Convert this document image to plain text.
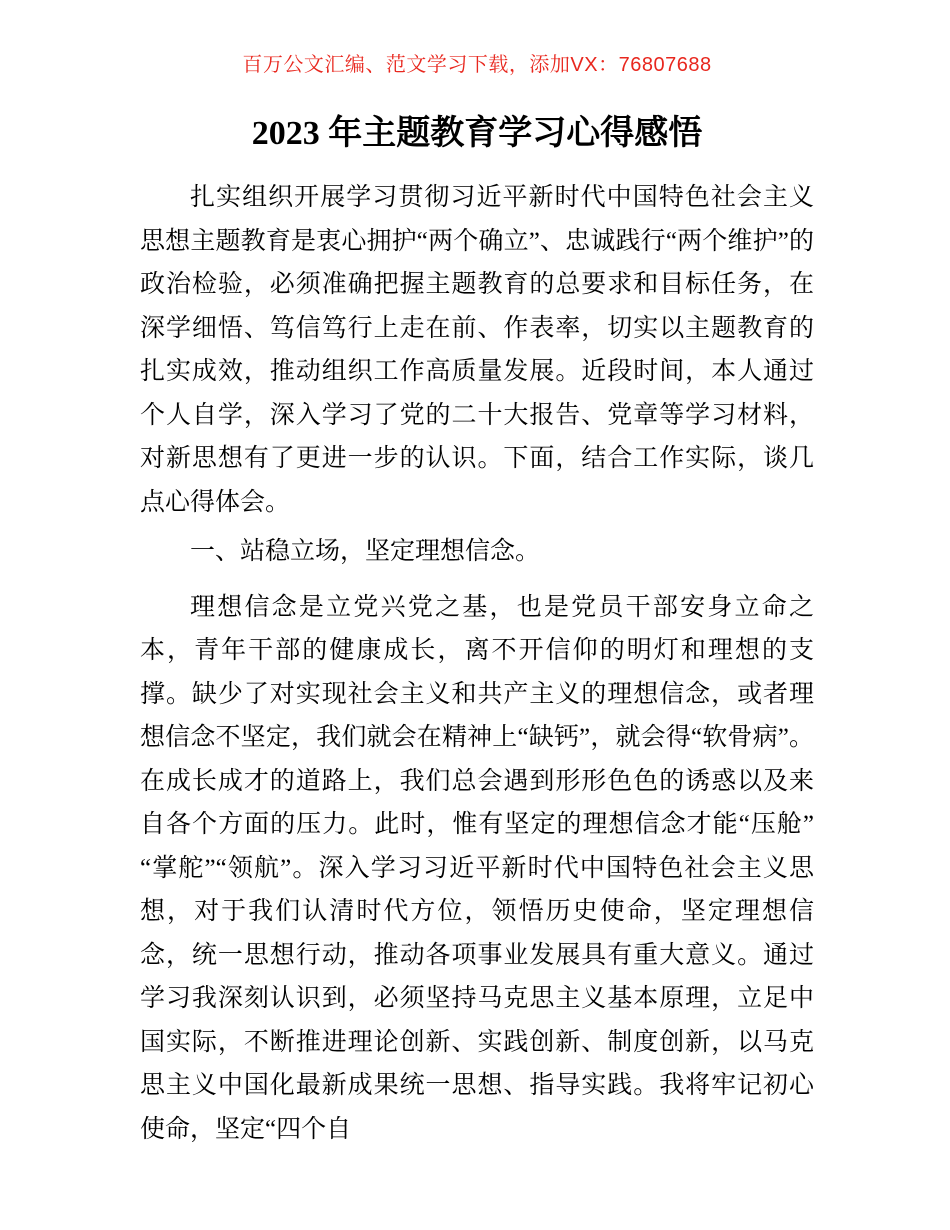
百万公文汇编、范文学习下载，添加VX：76807688
2023 年主题教育学习心得感悟

扎实组织开展学习贯彻习近平新时代中国特色社会主义思想主题教育是衷心拥护“两个确立”、忠诚践行“两个维护”的政治检验，必须准确把握主题教育的总要求和目标任务，在深学细悟、笃信笃行上走在前、作表率，切实以主题教育的扎实成效，推动组织工作高质量发展。近段时间，本人通过个人自学，深入学习了党的二十大报告、党章等学习材料，对新思想有了更进一步的认识。下面，结合工作实际，谈几点心得体会。

一、站稳立场，坚定理想信念。

理想信念是立党兴党之基，也是党员干部安身立命之本，青年干部的健康成长，离不开信仰的明灯和理想的支撑。缺少了对实现社会主义和共产主义的理想信念，或者理想信念不坚定，我们就会在精神上“缺钙”，就会得“软骨病”。在成长成才的道路上，我们总会遇到形形色色的诱惑以及来自各个方面的压力。此时，惟有坚定的理想信念才能“压舱”“掌舵”“领航”。深入学习习近平新时代中国特色社会主义思想，对于我们认清时代方位，领悟历史使命，坚定理想信念，统一思想行动，推动各项事业发展具有重大意义。通过学习我深刻认识到，必须坚持马克思主义基本原理，立足中国实际，不断推进理论创新、实践创新、制度创新，以马克思主义中国化最新成果统一思想、指导实践。我将牢记初心使命，坚定“四个自
